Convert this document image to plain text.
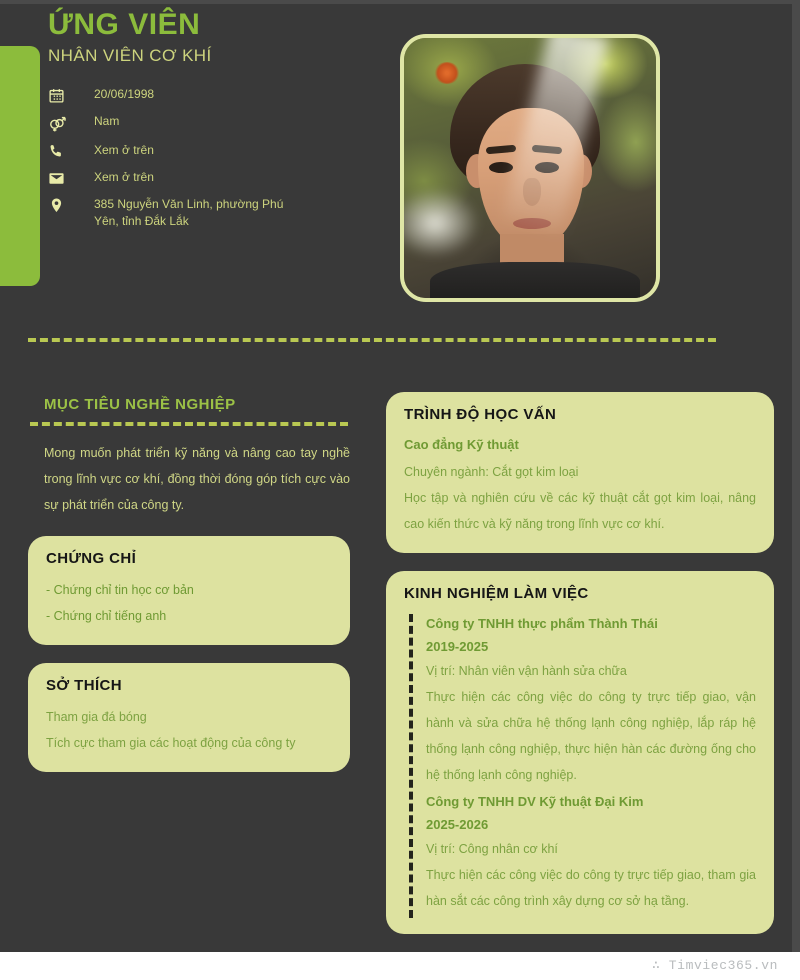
ỨNG VIÊN
NHÂN VIÊN CƠ KHÍ
20/06/1998
Nam
Xem ở trên
Xem ở trên
385 Nguyễn Văn Linh, phường Phú Yên, tỉnh Đắk Lắk
MỤC TIÊU NGHỀ NGHIỆP
Mong muốn phát triển kỹ năng và nâng cao tay nghề trong lĩnh vực cơ khí, đồng thời đóng góp tích cực vào sự phát triển của công ty.
CHỨNG CHỈ
- Chứng chỉ tin học cơ bản
- Chứng chỉ tiếng anh
SỞ THÍCH
Tham gia đá bóng
Tích cực tham gia các hoạt động của công ty
TRÌNH ĐỘ HỌC VẤN
Cao đẳng Kỹ thuật
Chuyên ngành: Cắt gọt kim loại
Học tập và nghiên cứu về các kỹ thuật cắt gọt kim loại, nâng cao kiến thức và kỹ năng trong lĩnh vực cơ khí.
KINH NGHIỆM LÀM VIỆC
Công ty TNHH thực phẩm Thành Thái
2019-2025
Vị trí: Nhân viên vận hành sửa chữa
Thực hiện các công việc do công ty trực tiếp giao, vận hành và sửa chữa hệ thống lạnh công nghiệp, lắp ráp hệ thống lạnh công nghiệp, thực hiện hàn các đường ống cho hệ thống lạnh công nghiệp.
Công ty TNHH DV Kỹ thuật Đại Kim
2025-2026
Vị trí: Công nhân cơ khí
Thực hiện các công việc do công ty trực tiếp giao, tham gia hàn sắt các công trình xây dựng cơ sở hạ tầng.
∴ Timviec365.vn
